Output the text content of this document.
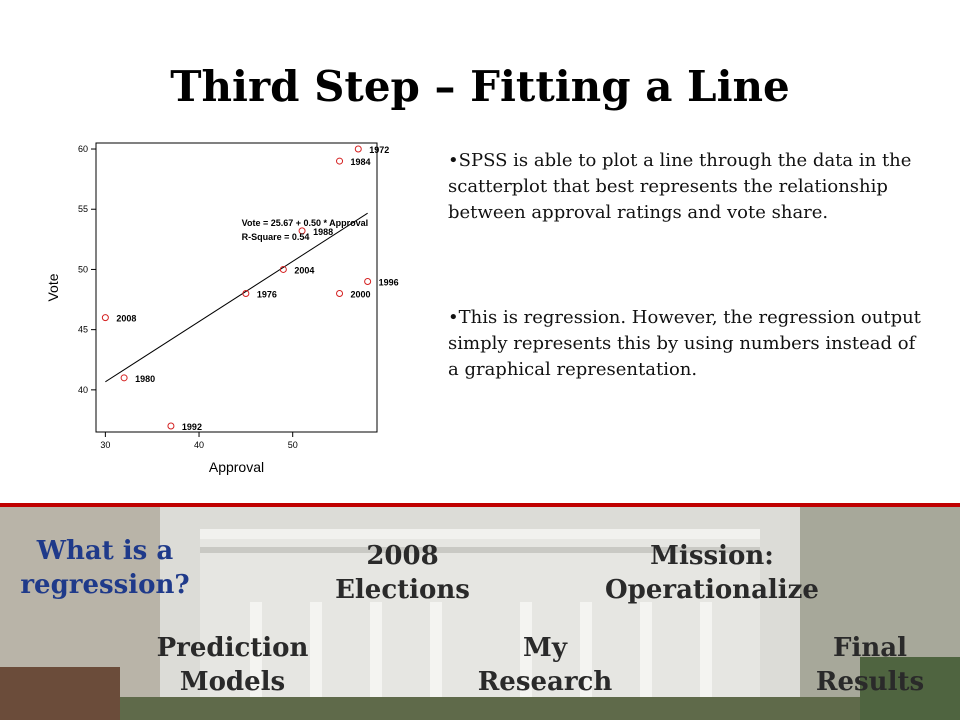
Third Step – Fitting a Line
30	40	50
40
45
50
55
60
Approval
Vote
1972
1984
1988
2004
1976	2000
1996
2008
1980
1992
Vote = 25.67 + 0.50 * Approval
R-Square = 0.54
•SPSS is able to plot a line through the data in the scatterplot that best represents the relationship between approval ratings and vote share.
•This is regression. However, the regression output simply represents this by using numbers instead of a graphical representation.
What is a
regression?
2008
Elections
Mission:
Operationalize
Prediction
Models
My
Research
Final
Results
